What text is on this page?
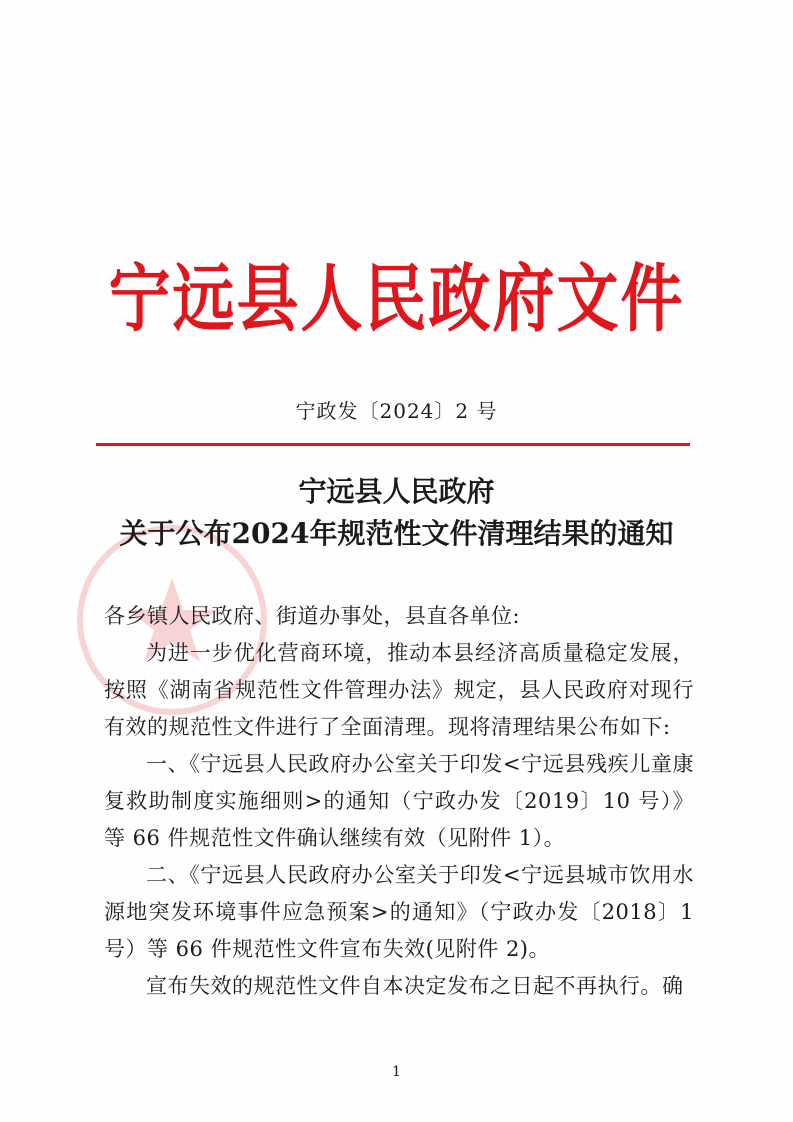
宁远县人民政府文件
宁政发〔2024〕2 号
宁远县人民政府
关于公布2024年规范性文件清理结果的通知

各乡镇人民政府、街道办事处，县直各单位:

为进一步优化营商环境，推动本县经济高质量稳定发展，按照《湖南省规范性文件管理办法》规定，县人民政府对现行有效的规范性文件进行了全面清理。现将清理结果公布如下:

一、《宁远县人民政府办公室关于印发<宁远县残疾儿童康复救助制度实施细则>的通知（宁政办发〔2019〕10 号）》等 66 件规范性文件确认继续有效（见附件 1）。

二、《宁远县人民政府办公室关于印发<宁远县城市饮用水源地突发环境事件应急预案>的通知》（宁政办发〔2018〕1号）等 66 件规范性文件宣布失效(见附件 2)。

宣布失效的规范性文件自本决定发布之日起不再执行。确

1
